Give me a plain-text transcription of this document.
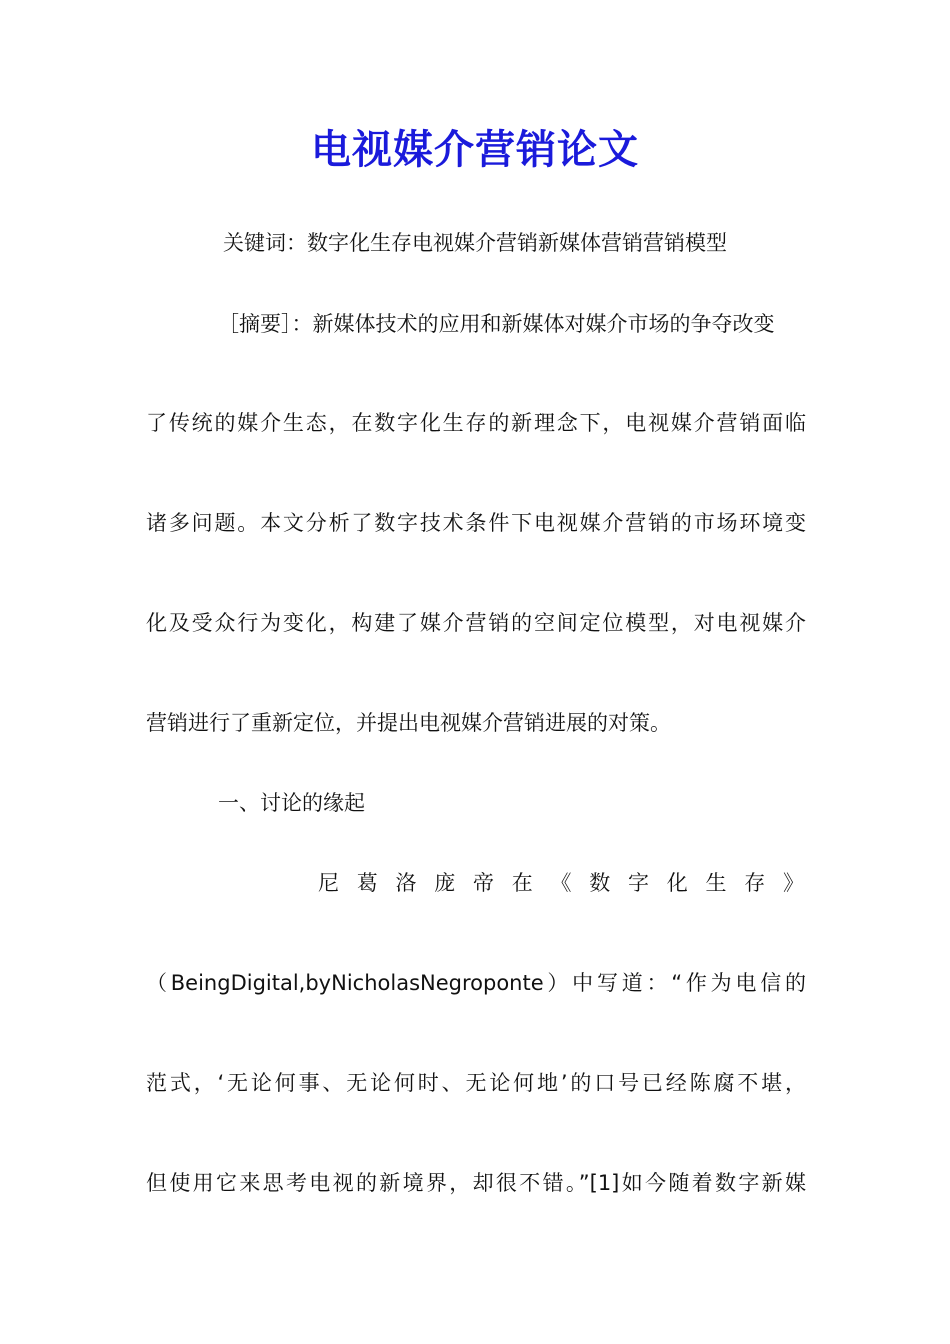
电视媒介营销论文
关键词：数字化生存电视媒介营销新媒体营销营销模型
［摘要］：新媒体技术的应用和新媒体对媒介市场的争夺改变
了传统的媒介生态，在数字化生存的新理念下，电视媒介营销面临
诸多问题。本文分析了数字技术条件下电视媒介营销的市场环境变
化及受众行为变化，构建了媒介营销的空间定位模型，对电视媒介
营销进行了重新定位，并提出电视媒介营销进展的对策。
一、讨论的缘起
尼葛洛庞帝在《数字化生存》
（BeingDigital,byNicholasNegroponte）中写道：“作为电信的
范式，‘无论何事、无论何时、无论何地’的口号已经陈腐不堪，
但使用它来思考电视的新境界，却很不错。”[1]如今随着数字新媒
